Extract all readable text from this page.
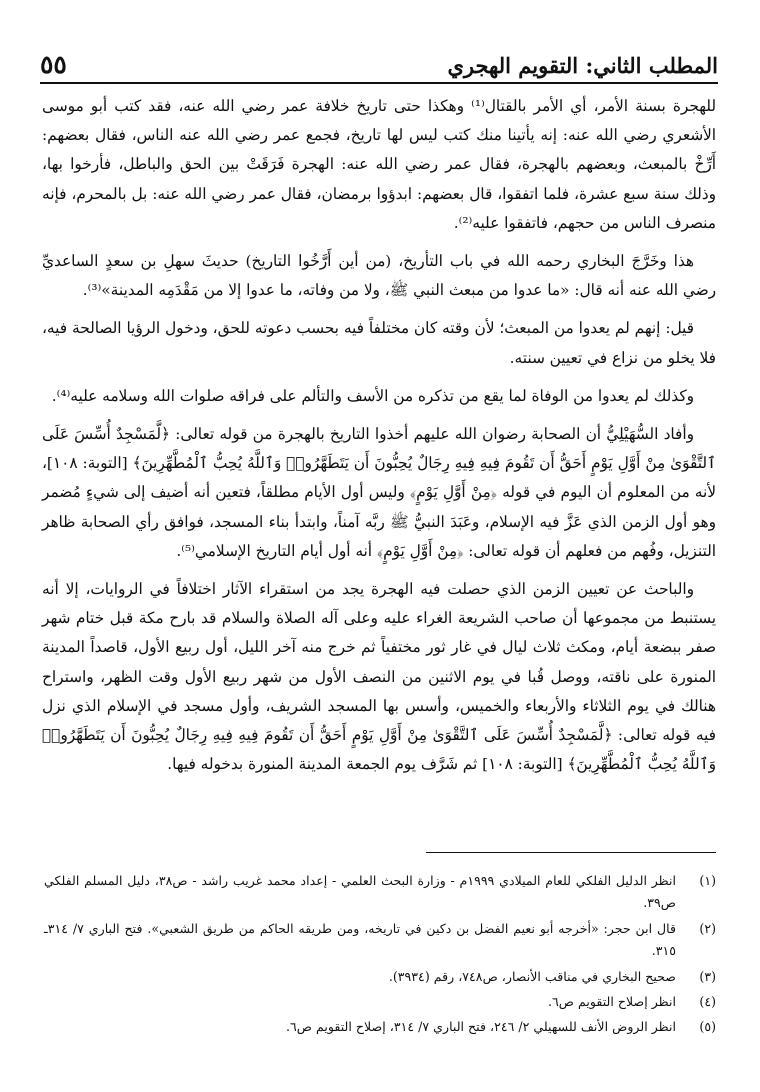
المطلب الثاني: التقويم الهجري
٥٥

للهجرة بسنة الأمر، أي الأمر بالقتال⁽¹⁾ وهكذا حتى تاريخ خلافة عمر رضي الله عنه، فقد كتب أبو موسى الأشعري رضي الله عنه: إنه يأتينا منك كتب ليس لها تاريخ، فجمع عمر رضي الله عنه الناس، فقال بعضهم: أَرِّخْ بالمبعث، وبعضهم بالهجرة، فقال عمر رضي الله عنه: الهجرة فَرَقَتْ بين الحق والباطل، فأرخوا بها، وذلك سنة سبع عشرة، فلما اتفقوا، قال بعضهم: ابدؤوا برمضان، فقال عمر رضي الله عنه: بل بالمحرم، فإنه منصرف الناس من حجهم، فاتفقوا عليه⁽²⁾.

هذا وخَرَّجَ البخاري رحمه الله في باب التأريخ، (من أين أَرَّخُوا التاريخ) حديثَ سهلِ بن سعدٍ الساعديِّ رضي الله عنه أنه قال: «ما عدوا من مبعث النبي ﷺ، ولا من وفاته، ما عدوا إلا من مَقْدَمِه المدينة»⁽³⁾.

قيل: إنهم لم يعدوا من المبعث؛ لأن وقته كان مختلفاً فيه بحسب دعوته للحق، ودخول الرؤيا الصالحة فيه، فلا يخلو من نزاع في تعيين سنته.

وكذلك لم يعدوا من الوفاة لما يقع من تذكره من الأسف والتألم على فراقه صلوات الله وسلامه عليه⁽⁴⁾.

وأفاد السُّهَيْلِيُّ أن الصحابة رضوان الله عليهم أخذوا التاريخ بالهجرة من قوله تعالى: ﴿لَّمَسْجِدٌ أُسِّسَ عَلَى ٱلتَّقْوَىٰ مِنْ أَوَّلِ يَوْمٍ أَحَقُّ أَن تَقُومَ فِيهِ فِيهِ رِجَالٌ يُحِبُّونَ أَن يَتَطَهَّرُوا۟ وَٱللَّهُ يُحِبُّ ٱلْمُطَّهِّرِينَ﴾ [التوبة: ١٠٨]، لأنه من المعلوم أن اليوم في قوله ﴿مِنْ أَوَّلِ يَوْمٍ﴾ وليس أول الأيام مطلقاً، فتعين أنه أضيف إلى شيءٍ مُضمر وهو أول الزمن الذي عَزَّ فيه الإسلام، وعَبَدَ النبيُّ ﷺ ربَّه آمناً، وابتدأ بناء المسجد، فوافق رأي الصحابة ظاهر التنزيل، وفُهم من فعلهم أن قوله تعالى: ﴿مِنْ أَوَّلِ يَوْمٍ﴾ أنه أول أيام التاريخ الإسلامي⁽⁵⁾.

والباحث عن تعيين الزمن الذي حصلت فيه الهجرة يجد من استقراء الآثار اختلافاً في الروايات، إلا أنه يستنبط من مجموعها أن صاحب الشريعة الغراء عليه وعلى آله الصلاة والسلام قد بارح مكة قبل ختام شهر صفر ببضعة أيام، ومكث ثلاث ليال في غار ثور مختفياً ثم خرج منه آخر الليل، أول ربيع الأول، قاصداً المدينة المنورة على ناقته، ووصل قُبا في يوم الاثنين من النصف الأول من شهر ربيع الأول وقت الظهر، واستراح هنالك في يوم الثلاثاء والأربعاء والخميس، وأسس بها المسجد الشريف، وأول مسجد في الإسلام الذي نزل فيه قوله تعالى: ﴿لَّمَسْجِدٌ أُسِّسَ عَلَى ٱلتَّقْوَىٰ مِنْ أَوَّلِ يَوْمٍ أَحَقُّ أَن تَقُومَ فِيهِ فِيهِ رِجَالٌ يُحِبُّونَ أَن يَتَطَهَّرُوا۟ وَٱللَّهُ يُحِبُّ ٱلْمُطَّهِّرِينَ﴾ [التوبة: ١٠٨] ثم شَرَّف يوم الجمعة المدينة المنورة بدخوله فيها.

(١)
انظر الدليل الفلكي للعام الميلادي ١٩٩٩م - وزارة البحث العلمي - إعداد محمد غريب راشد - ص٣٨، دليل المسلم الفلكي ص٣٩.
(٢)
قال ابن حجر: «أخرجه أبو نعيم الفضل بن دكين في تاريخه، ومن طريقه الحاكم من طريق الشعبي». فتح الباري ٧/ ٣١٤ـ ٣١٥.
(٣)
صحيح البخاري في مناقب الأنصار، ص٧٤٨، رقم (٣٩٣٤).
(٤)
انظر إصلاح التقويم ص٦.
(٥)
انظر الروض الأنف للسهيلي ٢/ ٢٤٦، فتح الباري ٧/ ٣١٤، إصلاح التقويم ص٦.
